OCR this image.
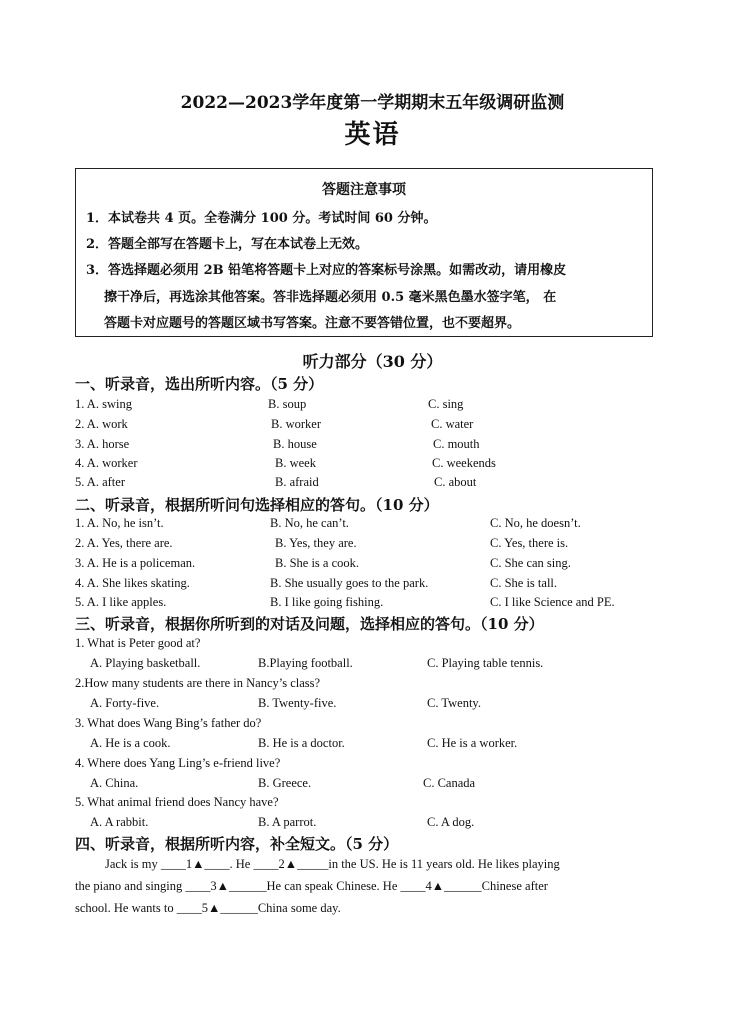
2022—2023学年度第一学期期末五年级调研监测
英语
答题注意事项
1．本试卷共 4 页。全卷满分 100 分。考试时间 60 分钟。
2．答题全部写在答题卡上，写在本试卷上无效。
3．答选择题必须用 2B 铅笔将答题卡上对应的答案标号涂黑。如需改动，请用橡皮
擦干净后，再选涂其他答案。答非选择题必须用 0.5 毫米黑色墨水签字笔， 在
答题卡对应题号的答题区域书写答案。注意不要答错位置，也不要超界。
听力部分（30 分）
一、听录音，选出所听内容。（5 分）
1. A. swing	B. soup	C. sing
2. A. work	B. worker	C. water
3. A. horse	B. house	C. mouth
4. A. worker	B. week	C. weekends
5. A. after	B. afraid	C. about
二、听录音，根据所听问句选择相应的答句。（10 分）
1. A. No, he isn’t.	B. No, he can’t.	C. No, he doesn’t.
2. A. Yes, there are.	B. Yes, they are.	C. Yes, there is.
3. A. He is a policeman.	B. She is a cook.	C. She can sing.
4. A. She likes skating.	B. She usually goes to the park.	C. She is tall.
5. A. I like apples.	B. I like going fishing.	C. I like Science and PE.
三、听录音，根据你所听到的对话及问题，选择相应的答句。（10 分）
1. What is Peter good at?
A. Playing basketball.	B.Playing football.	C. Playing table tennis.
2.How many students are there in Nancy’s class?
A. Forty-five.	B. Twenty-five.	C. Twenty.
3. What does Wang Bing’s father do?
A. He is a cook.	B. He is a doctor.	C. He is a worker.
4. Where does Yang Ling’s e-friend live?
A. China.	B. Greece.	C. Canada
5. What animal friend does Nancy have?
A. A rabbit.	B. A parrot.	C. A dog.
四、听录音，根据所听内容，补全短文。（5 分）
Jack is my ____1▲____. He ____2▲_____in the US. He is 11 years old. He likes playing
the piano and singing ____3▲______He can speak Chinese. He ____4▲______Chinese after
school. He wants to ____5▲______China some day.
